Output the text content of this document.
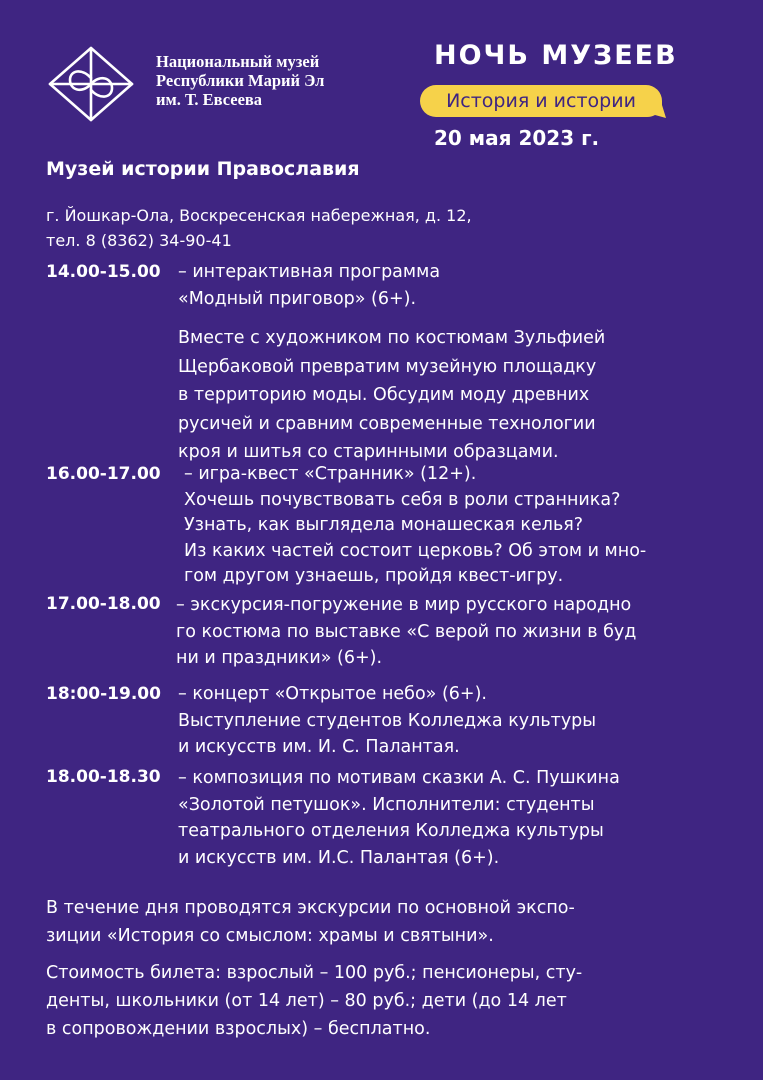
Национальный музей
Республики Марий Эл
им. Т. Евсеева
НОЧЬ МУЗЕЕВ
История и истории
20 мая 2023 г.
Музей истории Православия
г. Йошкар-Ола, Воскресенская набережная, д. 12,
тел. 8 (8362) 34-90-41
14.00-15.00 – интерактивная программа
«Модный приговор» (6+).
Вместе с художником по костюмам Зульфией
Щербаковой превратим музейную площадку
в территорию моды. Обсудим моду древних
русичей и сравним современные технологии
кроя и шитья со старинными образцами.
16.00-17.00 – игра-квест «Странник» (12+).
Хочешь почувствовать себя в роли странника?
Узнать, как выглядела монашеская келья?
Из каких частей состоит церковь? Об этом и мно-
гом другом узнаешь, пройдя квест-игру.
17.00-18.00 – экскурсия-погружение в мир русского народно
го костюма по выставке «С верой по жизни в буд
ни и праздники» (6+).
18:00-19.00 – концерт «Открытое небо» (6+).
Выступление студентов Колледжа культуры
и искусств им. И. С. Палантая.
18.00-18.30 – композиция по мотивам сказки А. С. Пушкина
«Золотой петушок». Исполнители: студенты
театрального отделения Колледжа культуры
и искусств им. И.С. Палантая (6+).
В течение дня проводятся экскурсии по основной экспо-
зиции «История со смыслом: храмы и святыни».
Стоимость билета: взрослый – 100 руб.; пенсионеры, сту-
денты, школьники (от 14 лет) – 80 руб.; дети (до 14 лет
в сопровождении взрослых) – бесплатно.
